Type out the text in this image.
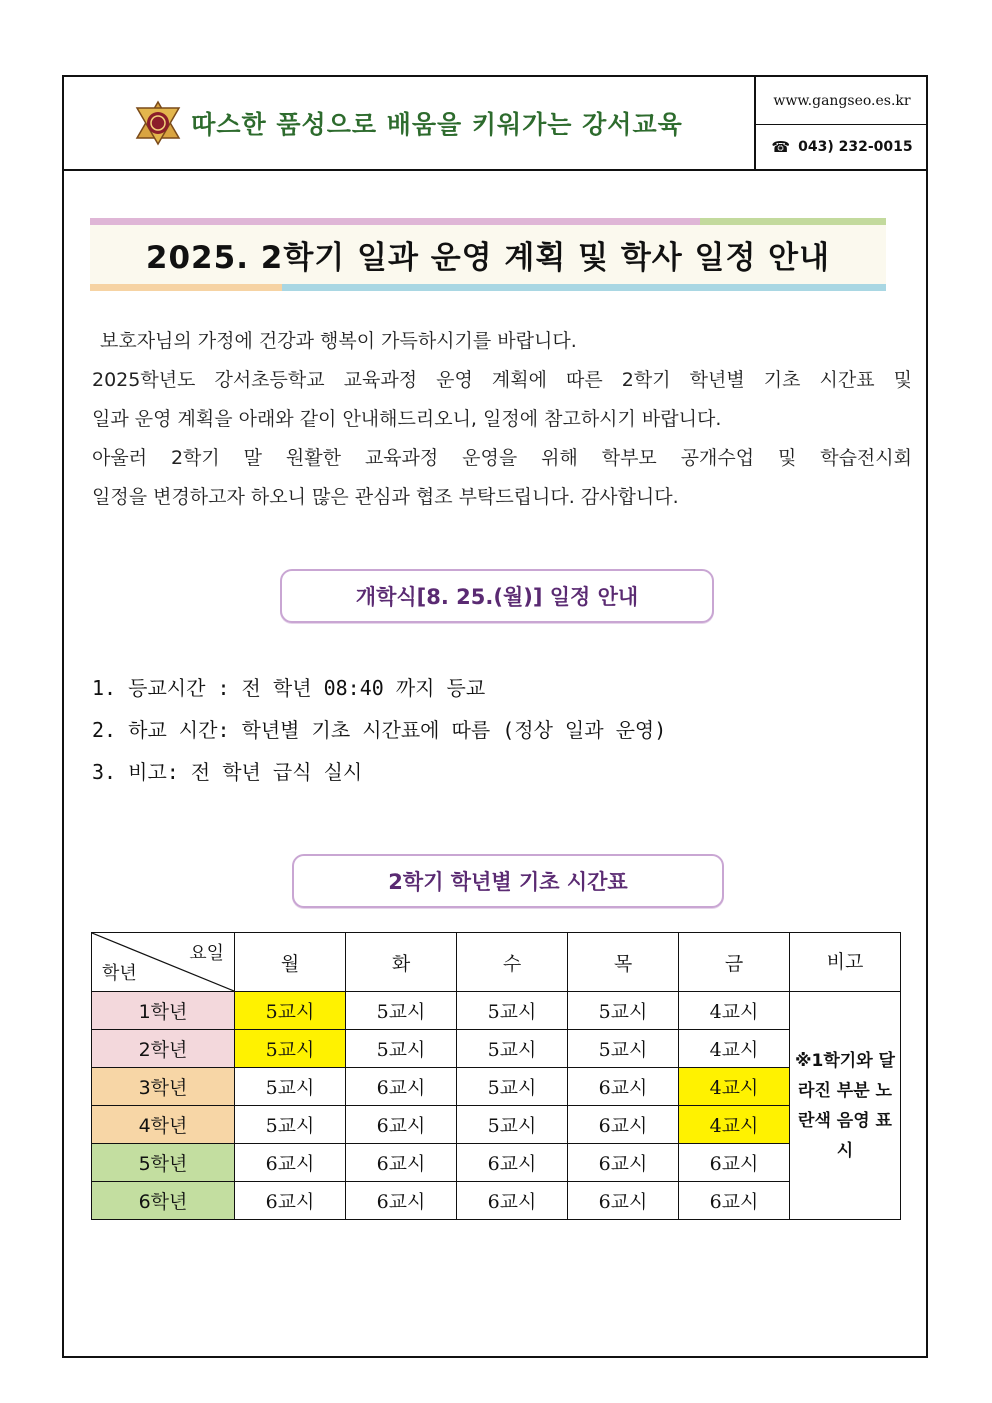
따스한 품성으로 배움을 키워가는 강서교육
www.gangseo.es.kr
☎ 043) 232-0015
2025. 2학기 일과 운영 계획 및 학사 일정 안내

보호자님의 가정에 건강과 행복이 가득하시기를 바랍니다.

2025학년도 강서초등학교 교육과정 운영 계획에 따른 2학기 학년별 기초 시간표 및

일과 운영 계획을 아래와 같이 안내해드리오니, 일정에 참고하시기 바랍니다.

아울러 2학기 말 원활한 교육과정 운영을 위해 학부모 공개수업 및 학습전시회

일정을 변경하고자 하오니 많은 관심과 협조 부탁드립니다. 감사합니다.

개학식[8. 25.(월)] 일정 안내
1. 등교시간 : 전 학년 08:40 까지 등교
2. 하교 시간: 학년별 기초 시간표에 따름 (정상 일과 운영)
3. 비고: 전 학년 급식 실시
2학기 학년별 기초 시간표
요일
학년	월	화	수	목	금	비고
1학년	5교시	5교시	5교시	5교시	4교시	※1학기와 달라진 부분 노란색 음영 표시
2학년	5교시	5교시	5교시	5교시	4교시	
3학년	5교시	6교시	5교시	6교시	4교시	
4학년	5교시	6교시	5교시	6교시	4교시	
5학년	6교시	6교시	6교시	6교시	6교시	
6학년	6교시	6교시	6교시	6교시	6교시	
